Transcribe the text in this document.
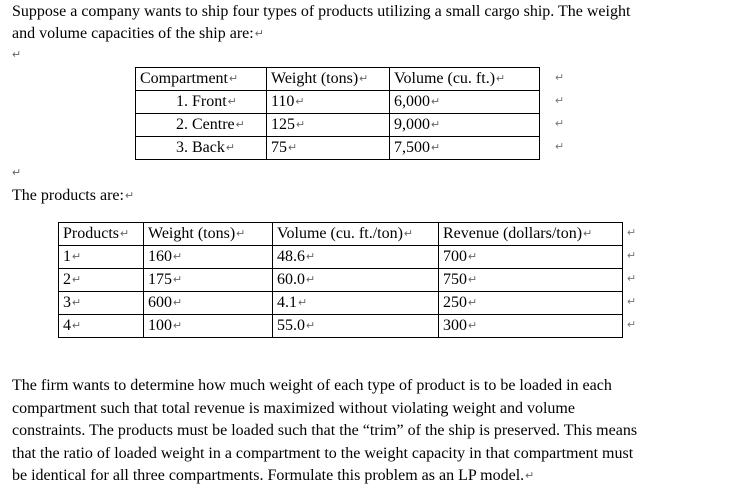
Suppose a company wants to ship four types of products utilizing a small cargo ship. The weight
and volume capacities of the ship are:↵
↵
Compartment↵	Weight (tons)↵	Volume (cu. ft.)↵
1. Front↵	110↵	6,000↵
2. Centre↵	125↵	9,000↵
3. Back↵	75↵	7,500↵
↵
↵
↵
↵
↵
The products are:↵
Products↵	Weight (tons)↵	Volume (cu. ft./ton)↵	Revenue (dollars/ton)↵
1↵	160↵	48.6↵	700↵
2↵	175↵	60.0↵	750↵
3↵	600↵	4.1↵	250↵
4↵	100↵	55.0↵	300↵
↵
↵
↵
↵
↵
The firm wants to determine how much weight of each type of product is to be loaded in each
compartment such that total revenue is maximized without violating weight and volume
constraints. The products must be loaded such that the “trim” of the ship is preserved. This means
that the ratio of loaded weight in a compartment to the weight capacity in that compartment must
be identical for all three compartments. Formulate this problem as an LP model.↵
